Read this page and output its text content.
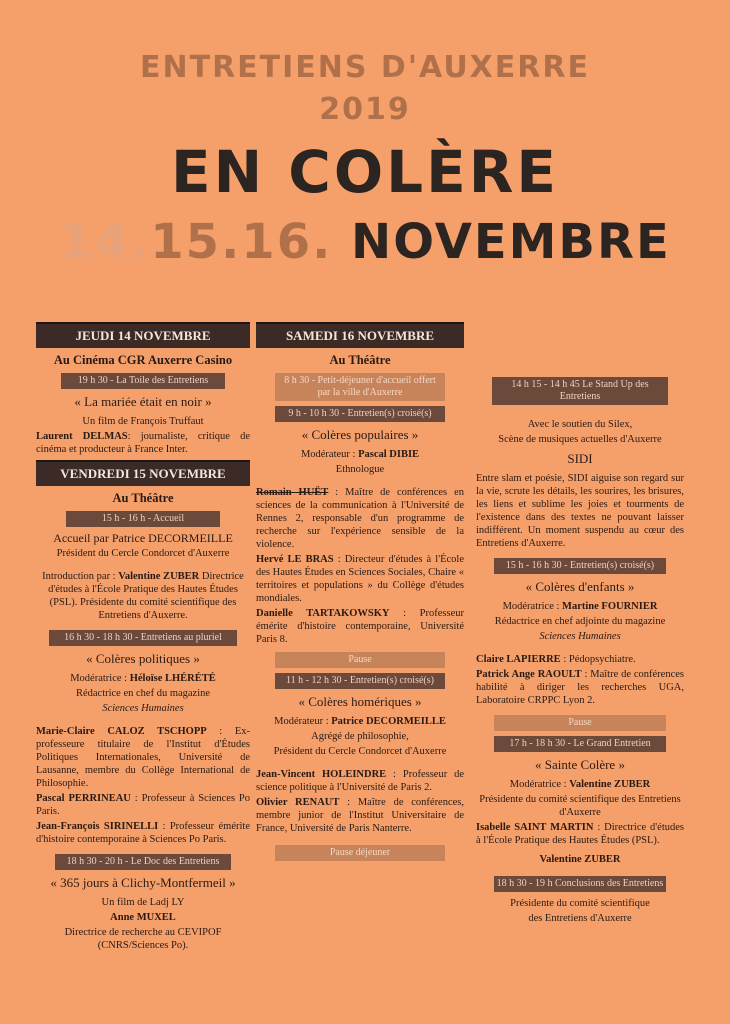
ENTRETIENS D'AUXERRE
2019
EN COLÈRE
14.15.16. NOVEMBRE
JEUDI 14 NOVEMBRE
Au Cinéma CGR Auxerre Casino
19 h 30 - La Toile des Entretiens
« La mariée était en noir »
Un film de François Truffaut
Laurent DELMAS: journaliste, critique de cinéma et producteur à France Inter.
VENDREDI 15 NOVEMBRE
Au Théâtre
15 h - 16 h - Accueil
Accueil par Patrice DECORMEILLE
Président du Cercle Condorcet d'Auxerre
Introduction par : Valentine ZUBER Directrice d'études à l'École Pratique des Hautes Études (PSL). Présidente du comité scientifique des Entretiens d'Auxerre.
16 h 30 - 18 h 30 - Entretiens au pluriel
« Colères politiques »
Modératrice : Héloïse LHÉRÉTÉ
Rédactrice en chef du magazine
Sciences Humaines
Marie-Claire CALOZ TSCHOPP : Ex-professeure titulaire de l'Institut d'Études Politiques Internationales, Université de Lausanne, membre du Collège International de Philosophie.
Pascal PERRINEAU : Professeur à Sciences Po Paris.
Jean-François SIRINELLI : Professeur émérite d'histoire contemporaine à Sciences Po Paris.
18 h 30 - 20 h - Le Doc des Entretiens
« 365 jours à Clichy-Montfermeil »
Un film de Ladj LY
Anne MUXEL
Directrice de recherche au CEVIPOF (CNRS/Sciences Po).
SAMEDI 16 NOVEMBRE
Au Théâtre
8 h 30 - Petit-déjeuner d'accueil offert par la ville d'Auxerre
9 h - 10 h 30 - Entretien(s) croisé(s)
« Colères populaires »
Modérateur : Pascal DIBIE
Ethnologue
Romain HUËT : Maître de conférences en sciences de la communication à l'Université de Rennes 2, responsable d'un programme de recherche sur l'expérience sensible de la violence.
Hervé LE BRAS : Directeur d'études à l'École des Hautes Études en Sciences Sociales, Chaire « territoires et populations » du Collège d'études mondiales.
Danielle TARTAKOWSKY : Professeur émérite d'histoire contemporaine, Université Paris 8.
Pause
11 h - 12 h 30 - Entretien(s) croisé(s)
« Colères homériques »
Modérateur : Patrice DECORMEILLE
Agrégé de philosophie,
Président du Cercle Condorcet d'Auxerre
Jean-Vincent HOLEINDRE : Professeur de science politique à l'Université de Paris 2.
Olivier RENAUT : Maître de conférences, membre junior de l'Institut Universitaire de France, Université de Paris Nanterre.
Pause déjeuner
14 h 15 - 14 h 45 Le Stand Up des Entretiens
Avec le soutien du Silex,
Scène de musiques actuelles d'Auxerre
SIDI
Entre slam et poésie, SIDI aiguise son regard sur la vie, scrute les détails, les sourires, les brisures, les liens et sublime les joies et tourments de l'existence dans des textes ne pouvant laisser indifférent. Un moment suspendu au cœur des Entretiens d'Auxerre.
15 h - 16 h 30 - Entretien(s) croisé(s)
« Colères d'enfants »
Modératrice : Martine FOURNIER
Rédactrice en chef adjointe du magazine
Sciences Humaines
Claire LAPIERRE : Pédopsychiatre.
Patrick Ange RAOULT : Maître de conférences habilité à diriger les recherches UGA, Laboratoire CRPPC Lyon 2.
Pause
17 h - 18 h 30 - Le Grand Entretien
« Sainte Colère »
Modératrice : Valentine ZUBER
Présidente du comité scientifique des Entretiens d'Auxerre
Isabelle SAINT MARTIN : Directrice d'études à l'École Pratique des Hautes Études (PSL).
Valentine ZUBER
18 h 30 - 19 h Conclusions des Entretiens
Présidente du comité scientifique
des Entretiens d'Auxerre
